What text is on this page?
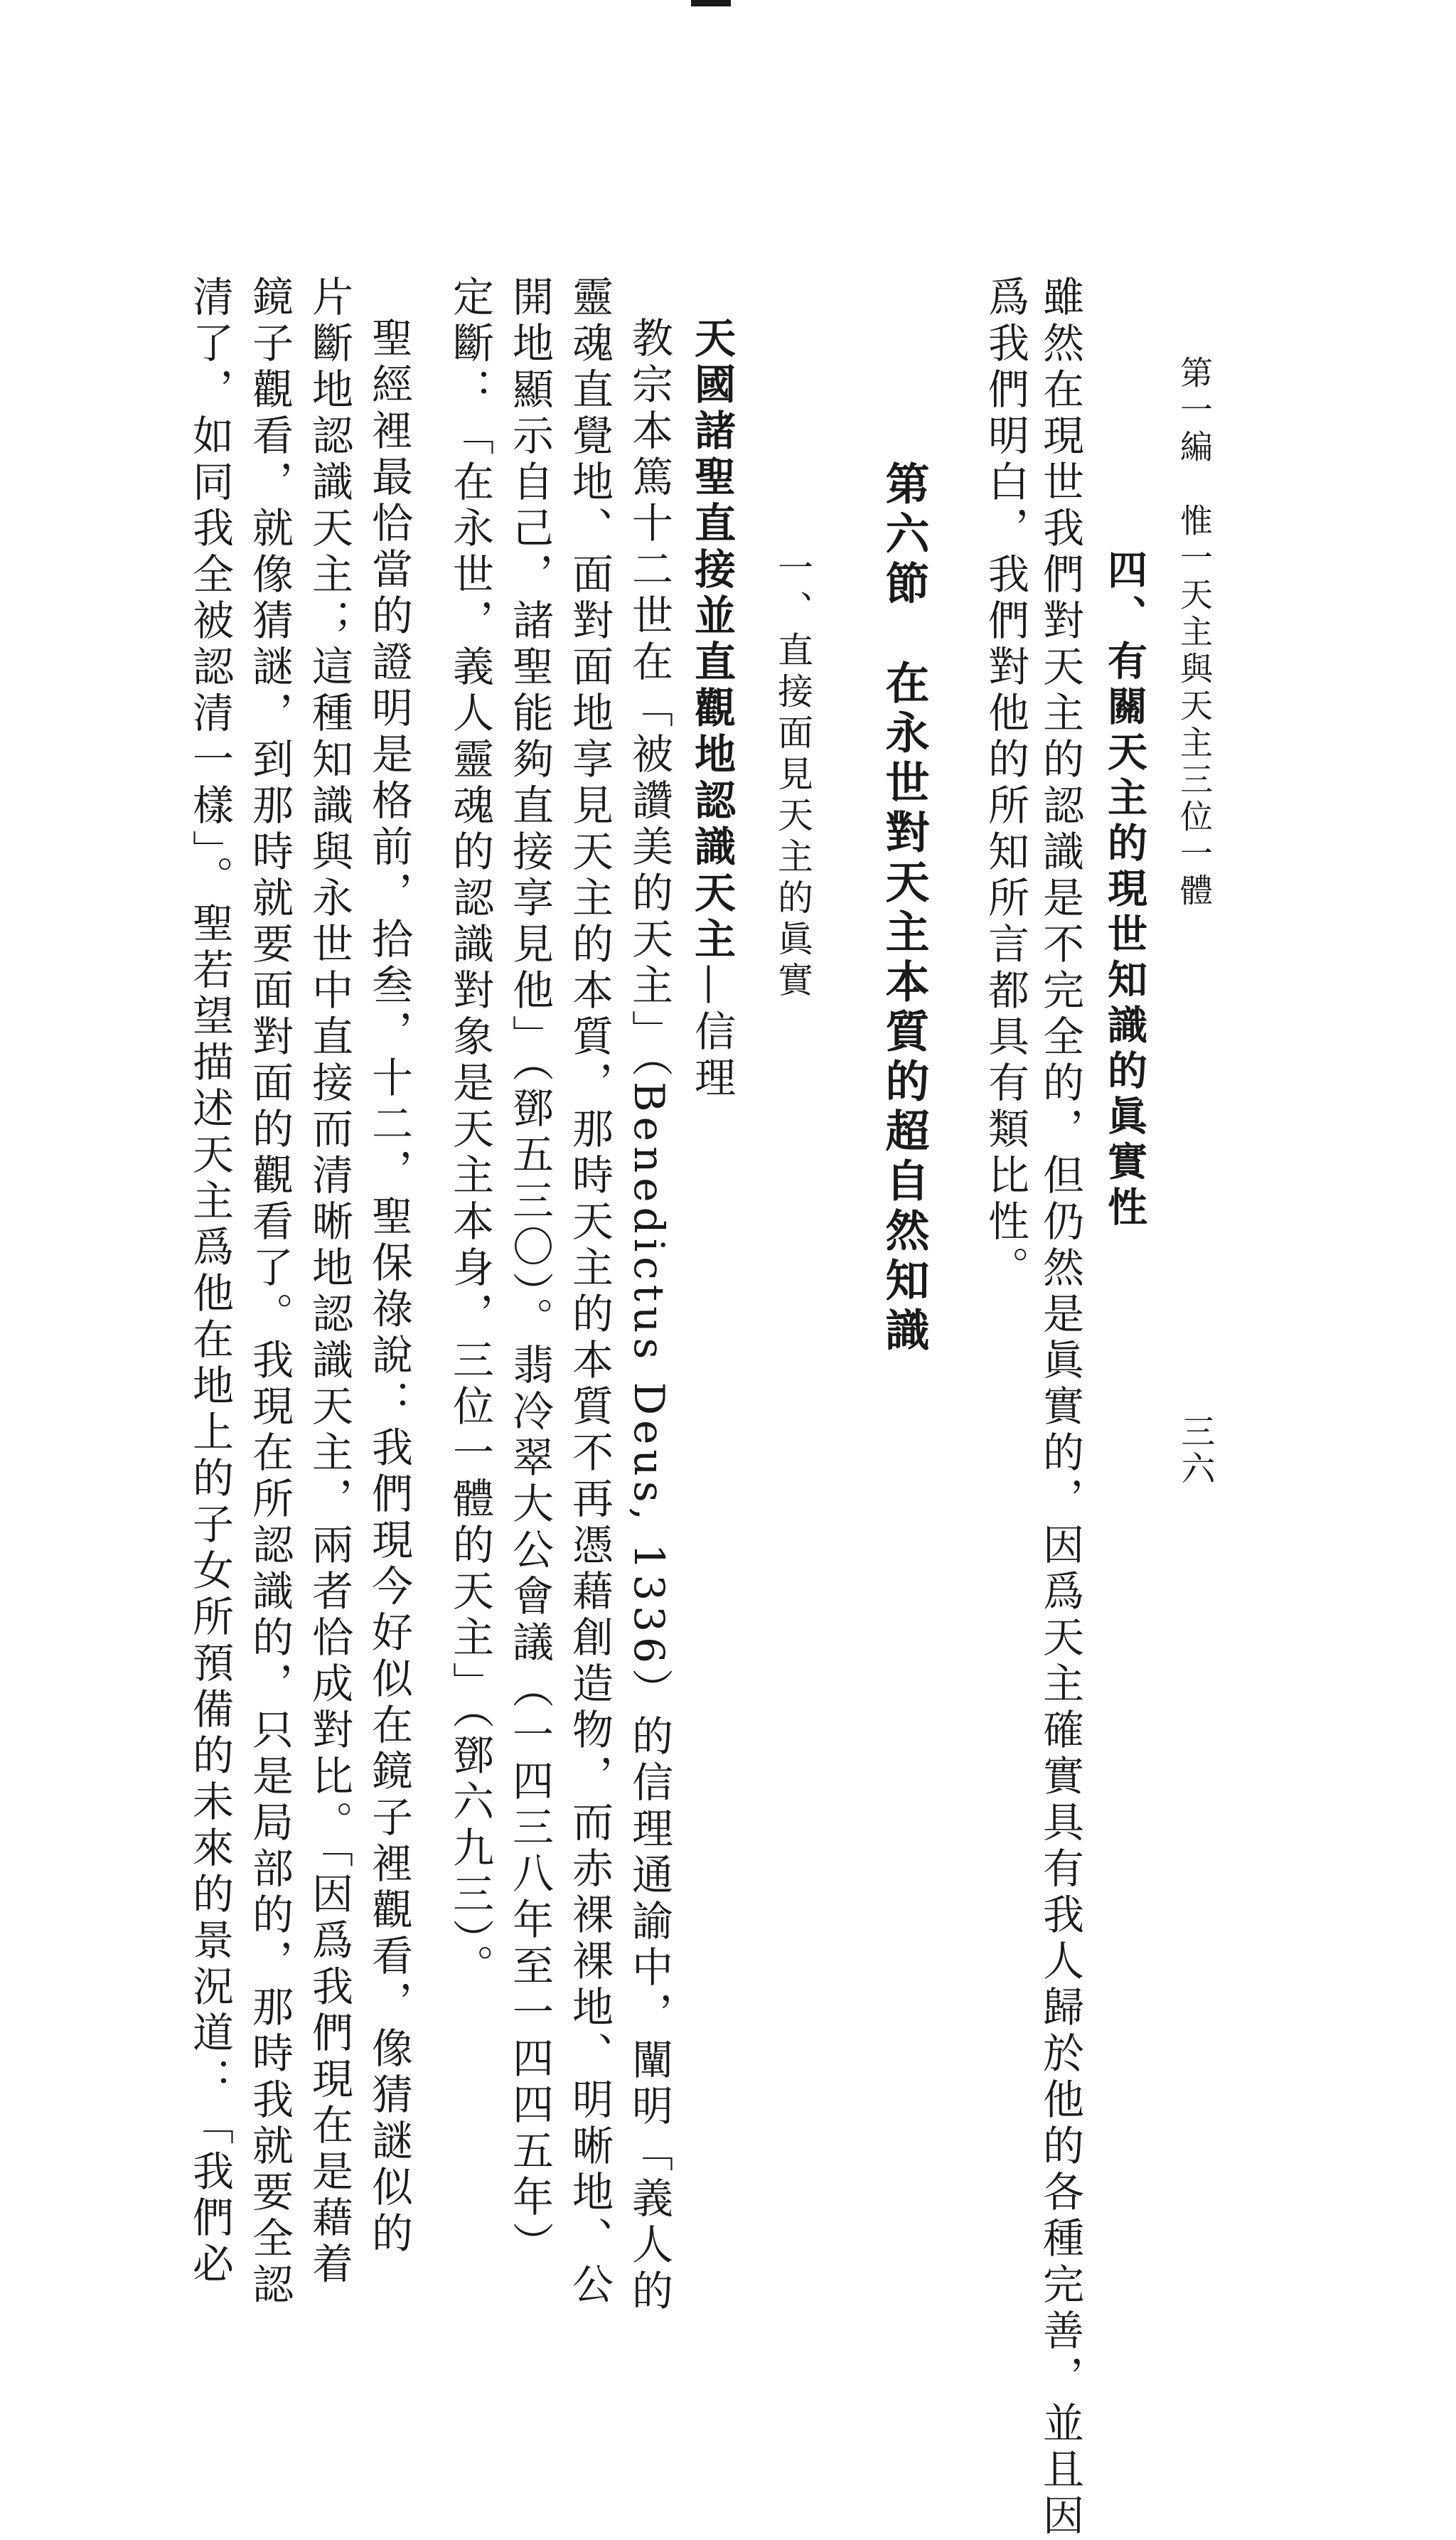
第一編　惟一天主與天主三位一體
三六
四、有關天主的現世知識的眞實性
雖然在現世我們對天主的認識是不完全的，但仍然是眞實的，因爲天主確實具有我人歸於他的各種完善，並且因
爲我們明白，我們對他的所知所言都具有類比性。
第六節　在永世對天主本質的超自然知識
一、直接面見天主的眞實
天國諸聖直接並直觀地認識天主—信理
教宗本篤十二世在「被讚美的天主」（Benedictus Deus, 1336）的信理通諭中，闡明「義人的
靈魂直覺地、面對面地享見天主的本質，那時天主的本質不再憑藉創造物，而赤裸裸地、明晰地、公
開地顯示自己，諸聖能夠直接享見他」（鄧五三〇）。翡冷翠大公會議（一四三八年至一四四五年）
定斷：「在永世，義人靈魂的認識對象是天主本身，三位一體的天主」（鄧六九三）。
聖經裡最恰當的證明是格前，拾叁，十二，聖保祿說：我們現今好似在鏡子裡觀看，像猜謎似的
片斷地認識天主；這種知識與永世中直接而清晰地認識天主，兩者恰成對比。「因爲我們現在是藉着
鏡子觀看，就像猜謎，到那時就要面對面的觀看了。我現在所認識的，只是局部的，那時我就要全認
清了，如同我全被認清一樣」。聖若望描述天主爲他在地上的子女所預備的未來的景況道：「我們必
